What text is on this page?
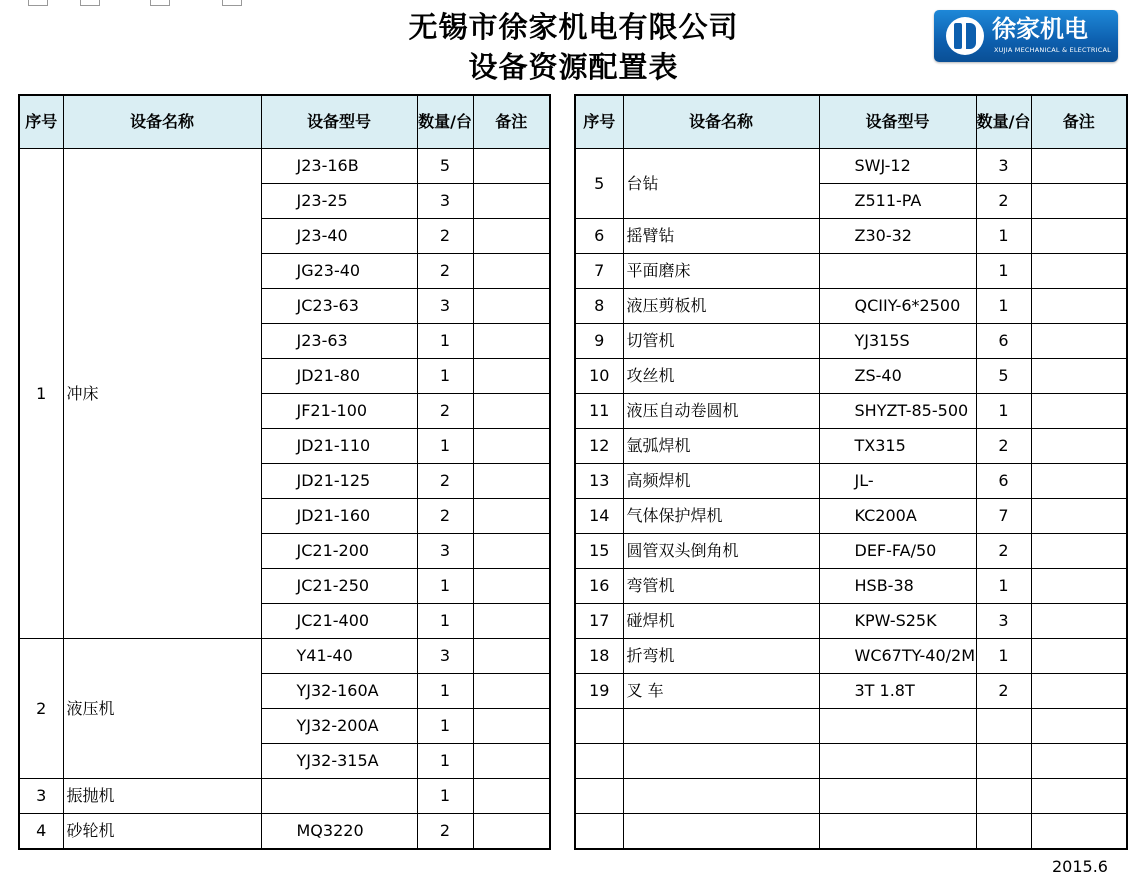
无锡市徐家机电有限公司
设备资源配置表
徐家机电
XUJIA MECHANICAL & ELECTRICAL
序号	设备名称	设备型号	数量/台	备注
1	冲床	J23-16B	5	
		J23-25	3	
		J23-40	2	
		JG23-40	2	
		JC23-63	3	
		J23-63	1	
		JD21-80	1	
		JF21-100	2	
		JD21-110	1	
		JD21-125	2	
		JD21-160	2	
		JC21-200	3	
		JC21-250	1	
		JC21-400	1	
2	液压机	Y41-40	3	
		YJ32-160A	1	
		YJ32-200A	1	
		YJ32-315A	1	
3	振抛机		1	
4	砂轮机	MQ3220	2	
序号	设备名称	设备型号	数量/台	备注
5	台钻	SWJ-12	3	
		Z511-PA	2	
6	摇臂钻	Z30-32	1	
7	平面磨床		1	
8	液压剪板机	QCIIY-6*2500	1	
9	切管机	YJ315S	6	
10	攻丝机	ZS-40	5	
11	液压自动卷圆机	SHYZT-85-500	1	
12	氩弧焊机	TX315	2	
13	高频焊机	JL-	6	
14	气体保护焊机	KC200A	7	
15	圆管双头倒角机	DEF-FA/50	2	
16	弯管机	HSB-38	1	
17	碰焊机	KPW-S25K	3	
18	折弯机	WC67TY-40/2M	1	
19	叉 车	3T 1.8T	2	

2015.6
